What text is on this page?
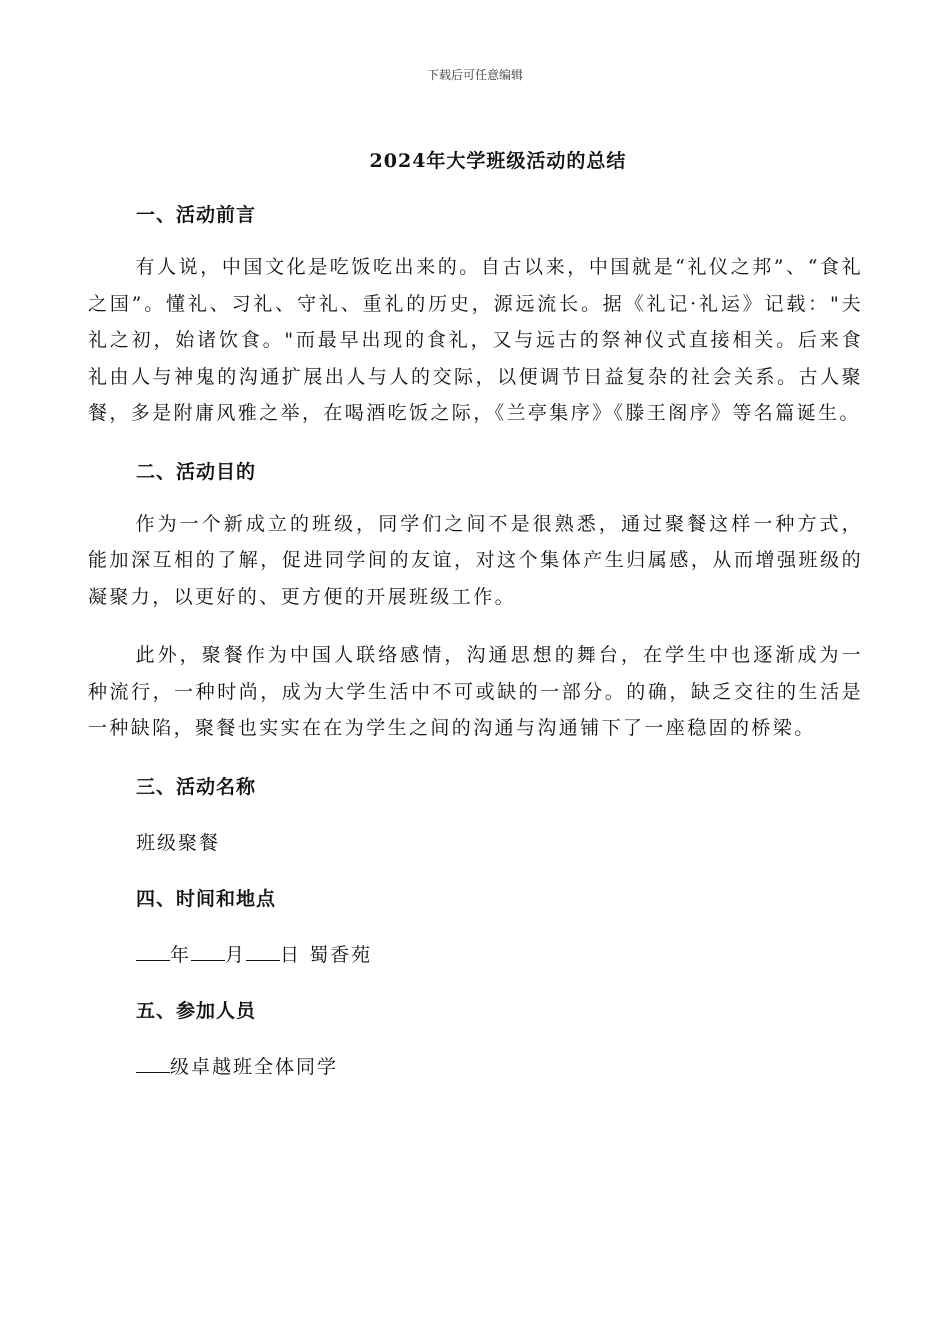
下载后可任意编辑
2024年大学班级活动的总结
一、活动前言

有人说，中国文化是吃饭吃出来的。自古以来，中国就是“礼仪之邦”、“食礼之国”。懂礼、习礼、守礼、重礼的历史，源远流长。据《礼记·礼运》记载："夫礼之初，始诸饮食。"而最早出现的食礼，又与远古的祭神仪式直接相关。后来食礼由人与神鬼的沟通扩展出人与人的交际，以便调节日益复杂的社会关系。古人聚餐，多是附庸风雅之举，在喝酒吃饭之际，《兰亭集序》《滕王阁序》等名篇诞生。

二、活动目的

作为一个新成立的班级，同学们之间不是很熟悉，通过聚餐这样一种方式，能加深互相的了解，促进同学间的友谊，对这个集体产生归属感，从而增强班级的凝聚力，以更好的、更方便的开展班级工作。

此外，聚餐作为中国人联络感情，沟通思想的舞台，在学生中也逐渐成为一种流行，一种时尚，成为大学生活中不可或缺的一部分。的确，缺乏交往的生活是一种缺陷，聚餐也实实在在为学生之间的沟通与沟通铺下了一座稳固的桥梁。

三、活动名称

班级聚餐

四、时间和地点

年 月 日 蜀香苑

五、参加人员

级卓越班全体同学
